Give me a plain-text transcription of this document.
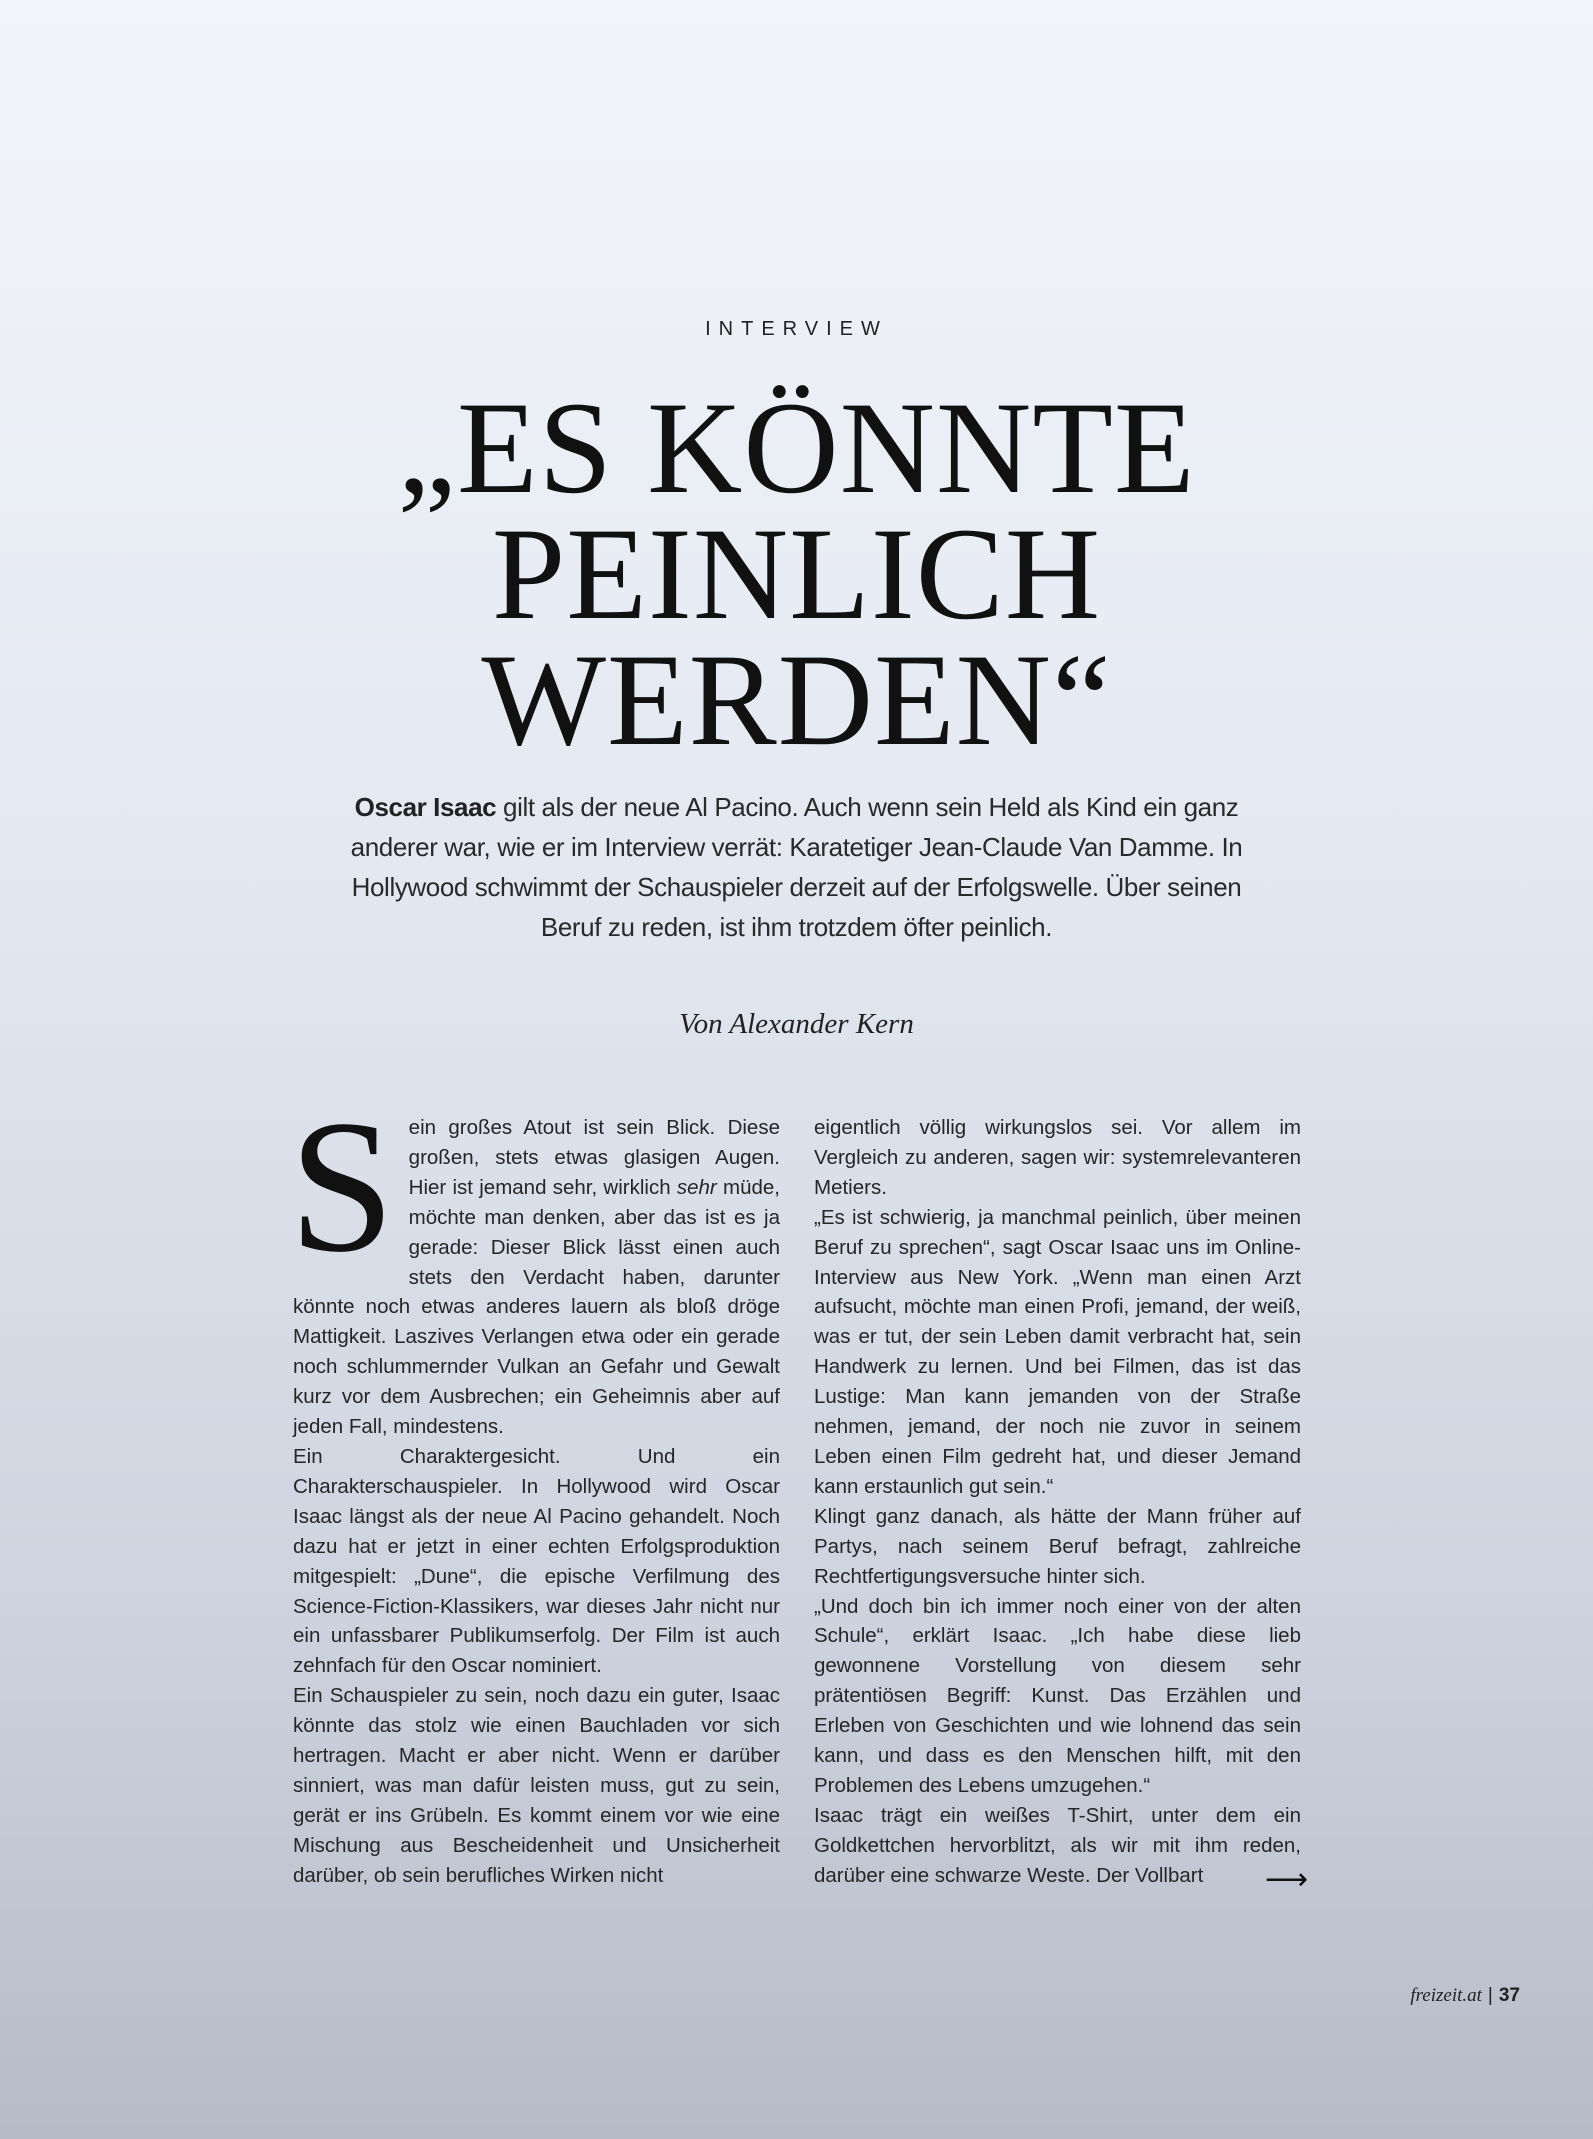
INTERVIEW
„ES KÖNNTE
PEINLICH
WERDEN“

Oscar Isaac gilt als der neue Al Pacino. Auch wenn sein Held als Kind ein ganz anderer war, wie er im Interview verrät: Karatetiger Jean-Claude Van Damme. In Hollywood schwimmt der Schauspieler derzeit auf der Erfolgswelle. Über seinen Beruf zu reden, ist ihm trotzdem öfter peinlich.

Von Alexander Kern

Sein großes Atout ist sein Blick. Diese großen, stets etwas glasigen Augen. Hier ist jemand sehr, wirklich sehr müde, möchte man denken, aber das ist es ja gerade: Dieser Blick lässt einen auch stets den Verdacht haben, darunter könnte noch etwas anderes lauern als bloß dröge Mattigkeit. Laszives Verlangen etwa oder ein gerade noch schlummernder Vulkan an Gefahr und Gewalt kurz vor dem Ausbrechen; ein Geheimnis aber auf jeden Fall, mindestens.

Ein Charaktergesicht. Und ein Charakterschauspieler. In Hollywood wird Oscar Isaac längst als der neue Al Pacino gehandelt. Noch dazu hat er jetzt in einer echten Erfolgsproduktion mitgespielt: „Dune“, die epische Verfilmung des Science-Fiction-Klassikers, war dieses Jahr nicht nur ein unfassbarer Publikumserfolg. Der Film ist auch zehnfach für den Oscar nominiert.

Ein Schauspieler zu sein, noch dazu ein guter, Isaac könnte das stolz wie einen Bauchladen vor sich hertragen. Macht er aber nicht. Wenn er darüber sinniert, was man dafür leisten muss, gut zu sein, gerät er ins Grübeln. Es kommt einem vor wie eine Mischung aus Bescheidenheit und Unsicherheit darüber, ob sein berufliches Wirken nicht

eigentlich völlig wirkungslos sei. Vor allem im Vergleich zu anderen, sagen wir: systemrelevanteren Metiers.

„Es ist schwierig, ja manchmal peinlich, über meinen Beruf zu sprechen“, sagt Oscar Isaac uns im Online-Interview aus New York. „Wenn man einen Arzt aufsucht, möchte man einen Profi, jemand, der weiß, was er tut, der sein Leben damit verbracht hat, sein Handwerk zu lernen. Und bei Filmen, das ist das Lustige: Man kann jemanden von der Straße nehmen, jemand, der noch nie zuvor in seinem Leben einen Film gedreht hat, und dieser Jemand kann erstaunlich gut sein.“

Klingt ganz danach, als hätte der Mann früher auf Partys, nach seinem Beruf befragt, zahlreiche Rechtfertigungsversuche hinter sich.

„Und doch bin ich immer noch einer von der alten Schule“, erklärt Isaac. „Ich habe diese lieb gewonnene Vorstellung von diesem sehr prätentiösen Begriff: Kunst. Das Erzählen und Erleben von Geschichten und wie lohnend das sein kann, und dass es den Menschen hilft, mit den Problemen des Lebens umzugehen.“

Isaac trägt ein weißes T-Shirt, unter dem ein Goldkettchen hervorblitzt, als wir mit ihm reden, darüber eine schwarze Weste. Der Vollbart	⟶
freizeit.at | 37
